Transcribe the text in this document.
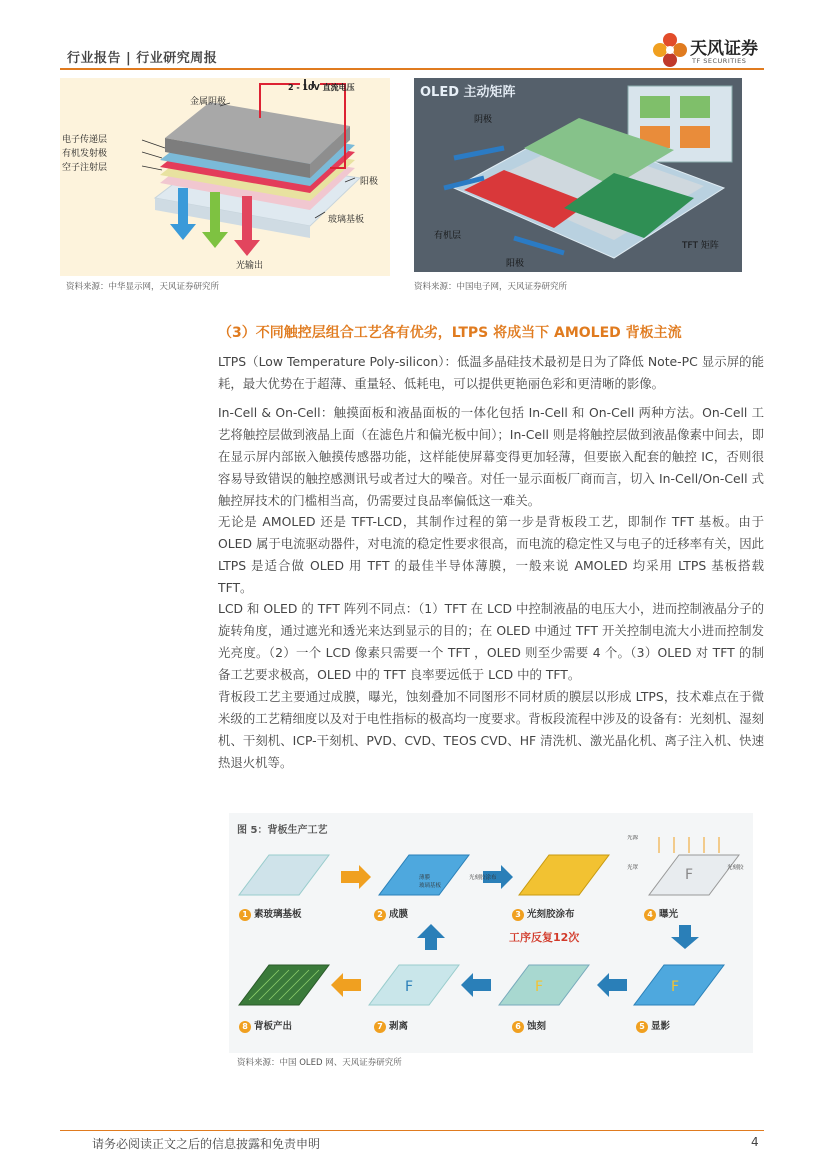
行业报告 | 行业研究周报	天风证券
TF SECURITIES
金属阴极
2 - 10V 直流电压
电子传递层
有机发射极
空子注射层
阳极
玻璃基板
光输出
资料来源：中华显示网，天风证券研究所
OLED 主动矩阵
阴极
有机层
阳极
TFT 矩阵
资料来源：中国电子网，天风证券研究所
（3）不同触控层组合工艺各有优劣，LTPS 将成当下 AMOLED 背板主流
LTPS（Low Temperature Poly-silicon）：低温多晶硅技术最初是日为了降低 Note-PC 显示屏的能耗，最大优势在于超薄、重量轻、低耗电，可以提供更艳丽色彩和更清晰的影像。
In-Cell & On-Cell：触摸面板和液晶面板的一体化包括 In-Cell 和 On-Cell 两种方法。On-Cell 工艺将触控层做到液晶上面（在滤色片和偏光板中间）；In-Cell 则是将触控层做到液晶像素中间去，即在显示屏内部嵌入触摸传感器功能，这样能使屏幕变得更加轻薄，但要嵌入配套的触控 IC，否则很容易导致错误的触控感测讯号或者过大的噪音。对任一显示面板厂商而言，切入 In-Cell/On-Cell 式触控屏技术的门槛相当高，仍需要过良品率偏低这一难关。
无论是 AMOLED 还是 TFT-LCD，其制作过程的第一步是背板段工艺，即制作 TFT 基板。由于 OLED 属于电流驱动器件，对电流的稳定性要求很高，而电流的稳定性又与电子的迁移率有关，因此 LTPS 是适合做 OLED 用 TFT 的最佳半导体薄膜，一般来说 AMOLED 均采用 LTPS 基板搭载 TFT。
LCD 和 OLED 的 TFT 阵列不同点：（1）TFT 在 LCD 中控制液晶的电压大小，进而控制液晶分子的旋转角度，通过遮光和透光来达到显示的目的；在 OLED 中通过 TFT 开关控制电流大小进而控制发光亮度。（2）一个 LCD 像素只需要一个 TFT ，OLED 则至少需要 4 个。（3）OLED 对 TFT 的制备工艺要求极高，OLED 中的 TFT 良率要远低于 LCD 中的 TFT。
背板段工艺主要通过成膜，曝光，蚀刻叠加不同图形不同材质的膜层以形成 LTPS，技术难点在于微米级的工艺精细度以及对于电性指标的极高均一度要求。背板段流程中涉及的设备有：光刻机、湿刻机、干刻机、ICP-干刻机、PVD、CVD、TEOS CVD、HF 清洗机、激光晶化机、离子注入机、快速热退火机等。
图 5：背板生产工艺
F
F
F
F
工序反复12次
薄膜
玻璃基板
光刻胶涂布
光源
光罩	光刻胶
1 素玻璃基板	2 成膜	3 光刻胶涂布	4 曝光
5 显影
6 蚀刻
7 剥离
8 背板产出
资料来源：中国 OLED 网、天风证券研究所
请务必阅读正文之后的信息披露和免责申明	4
